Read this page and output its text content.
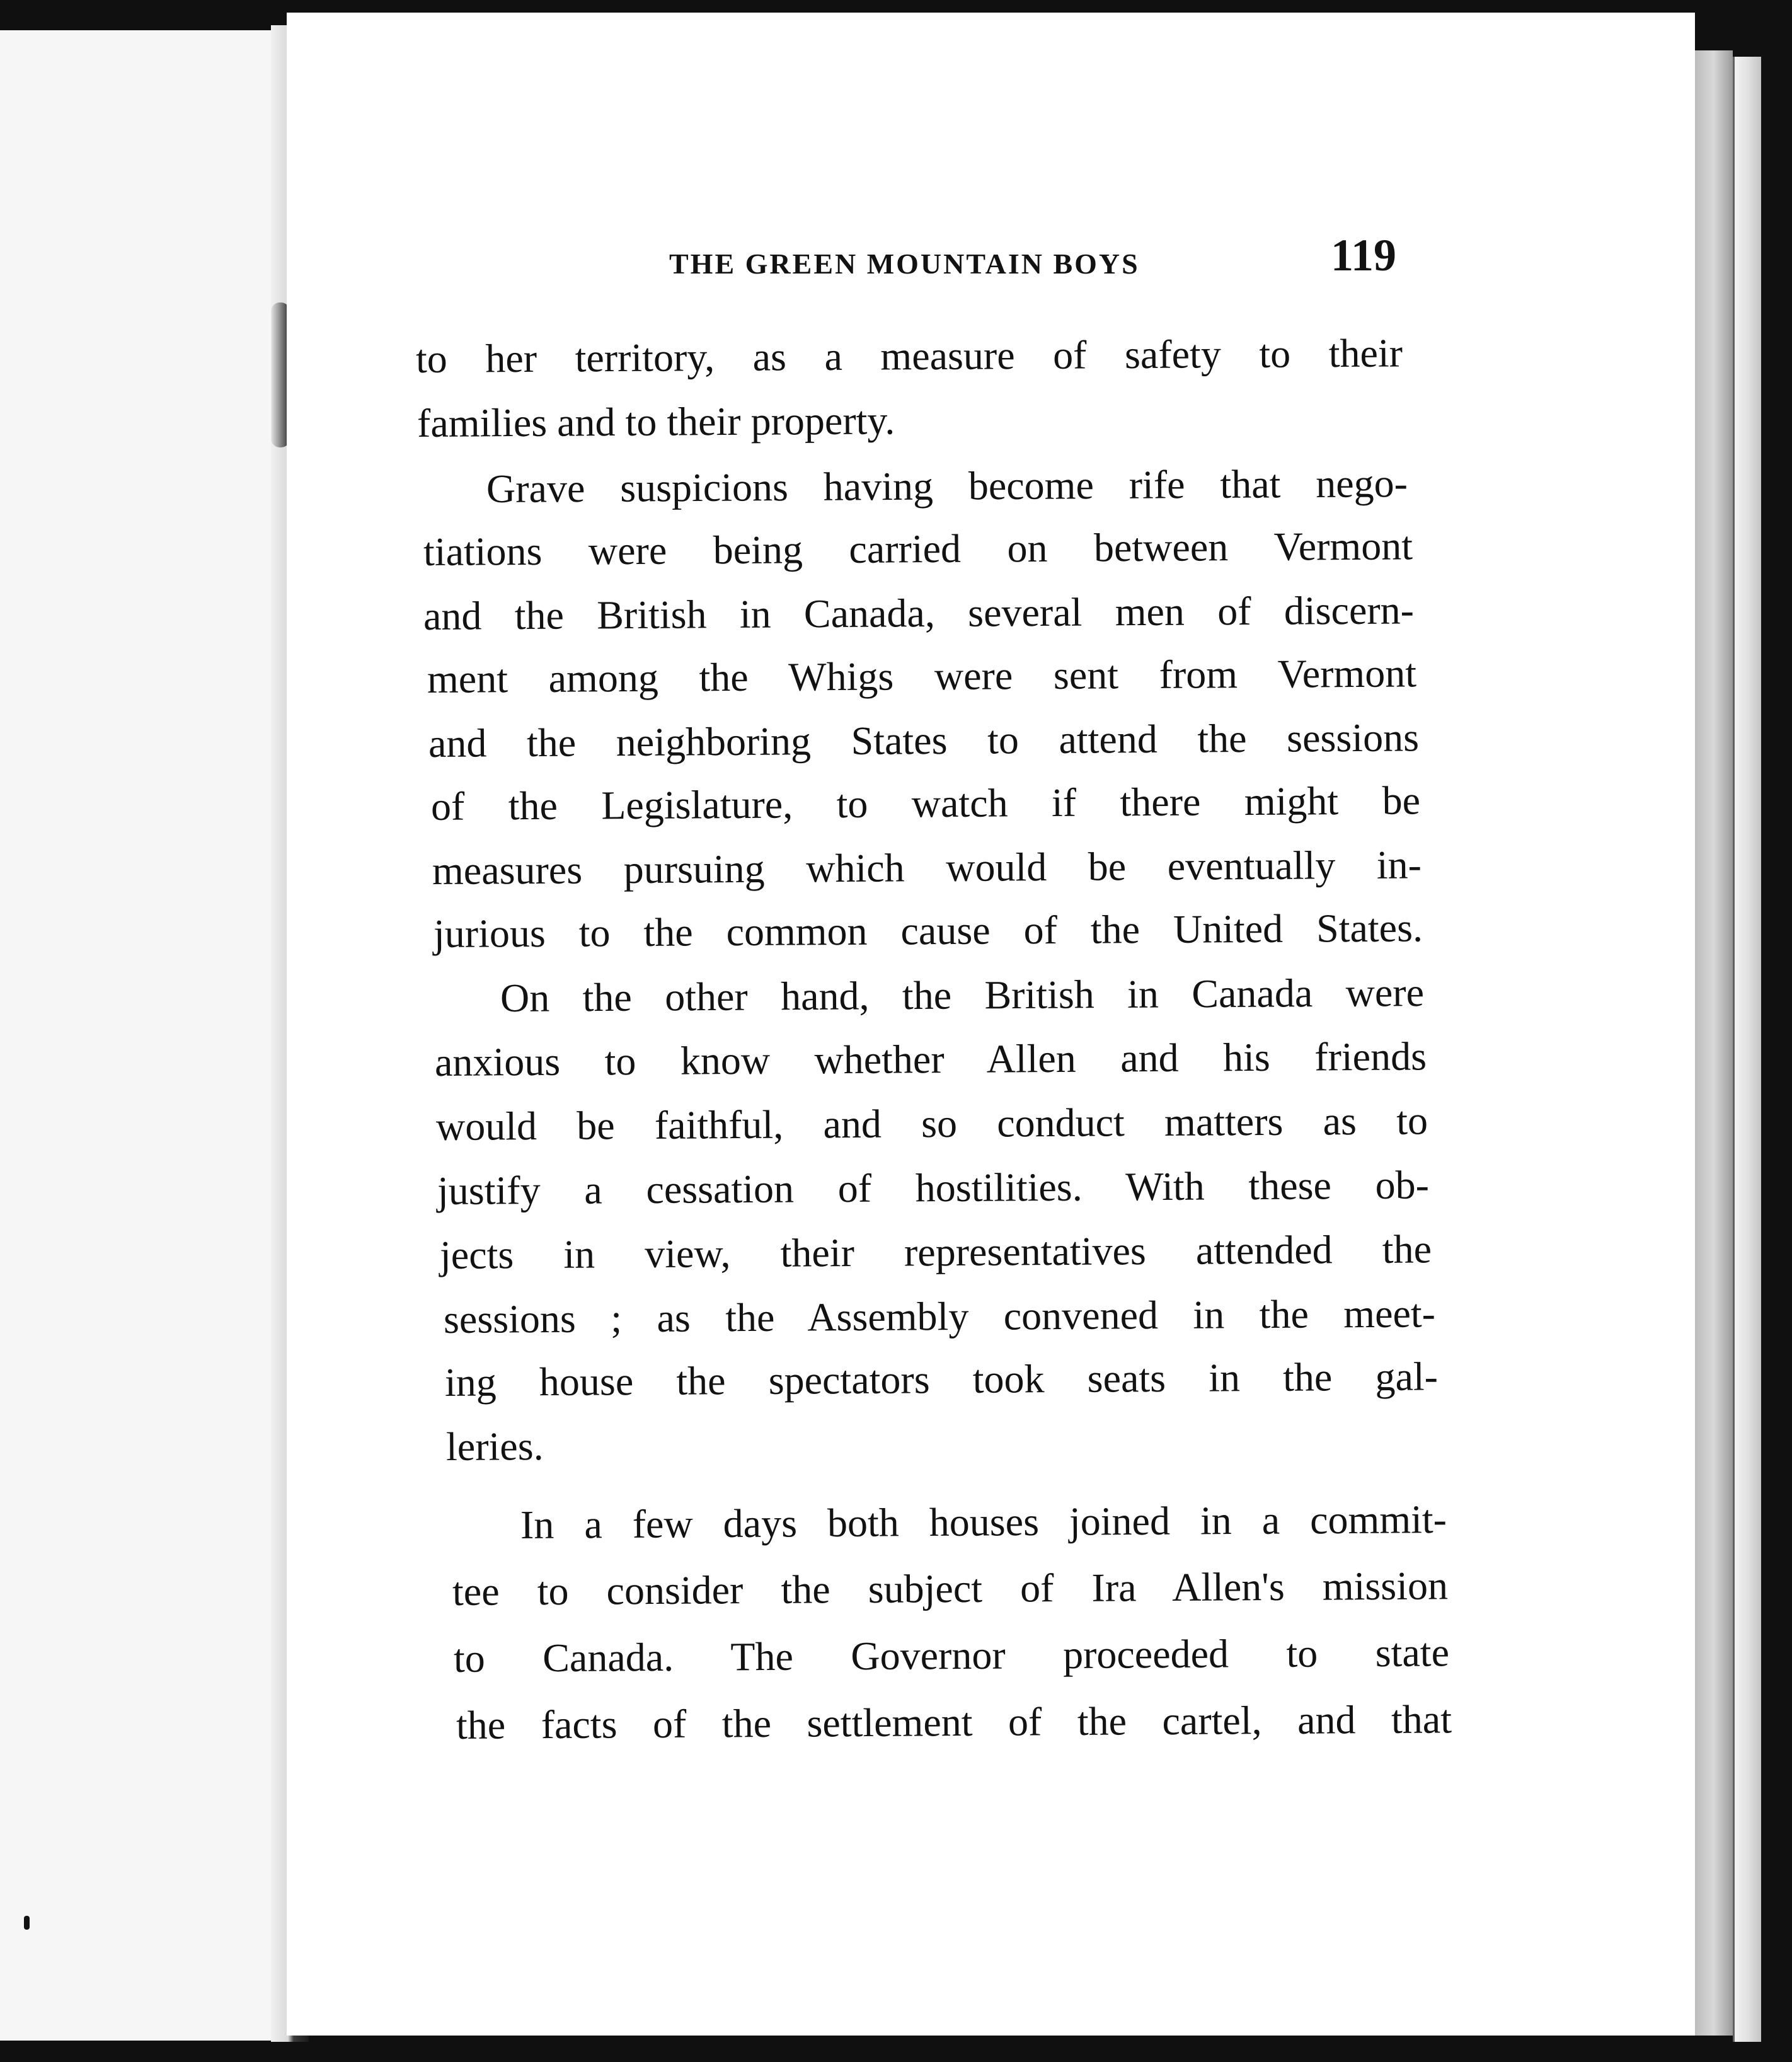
THE GREEN MOUNTAIN BOYS	119
to her territory, as a measure of safety to their
families and to their property.
Grave suspicions having become rife that nego-
tiations were being carried on between Vermont
and the British in Canada, several men of discern-
ment among the Whigs were sent from Vermont
and the neighboring States to attend the sessions
of the Legislature, to watch if there might be
measures pursuing which would be eventually in-
jurious to the common cause of the United States.
On the other hand, the British in Canada were
anxious to know whether Allen and his friends
would be faithful, and so conduct matters as to
justify a cessation of hostilities. With these ob-
jects in view, their representatives attended the
sessions ; as the Assembly convened in the meet-
ing house the spectators took seats in the gal-
leries.
In a few days both houses joined in a commit-
tee to consider the subject of Ira Allen's mission
to Canada. The Governor proceeded to state
the facts of the settlement of the cartel, and that
